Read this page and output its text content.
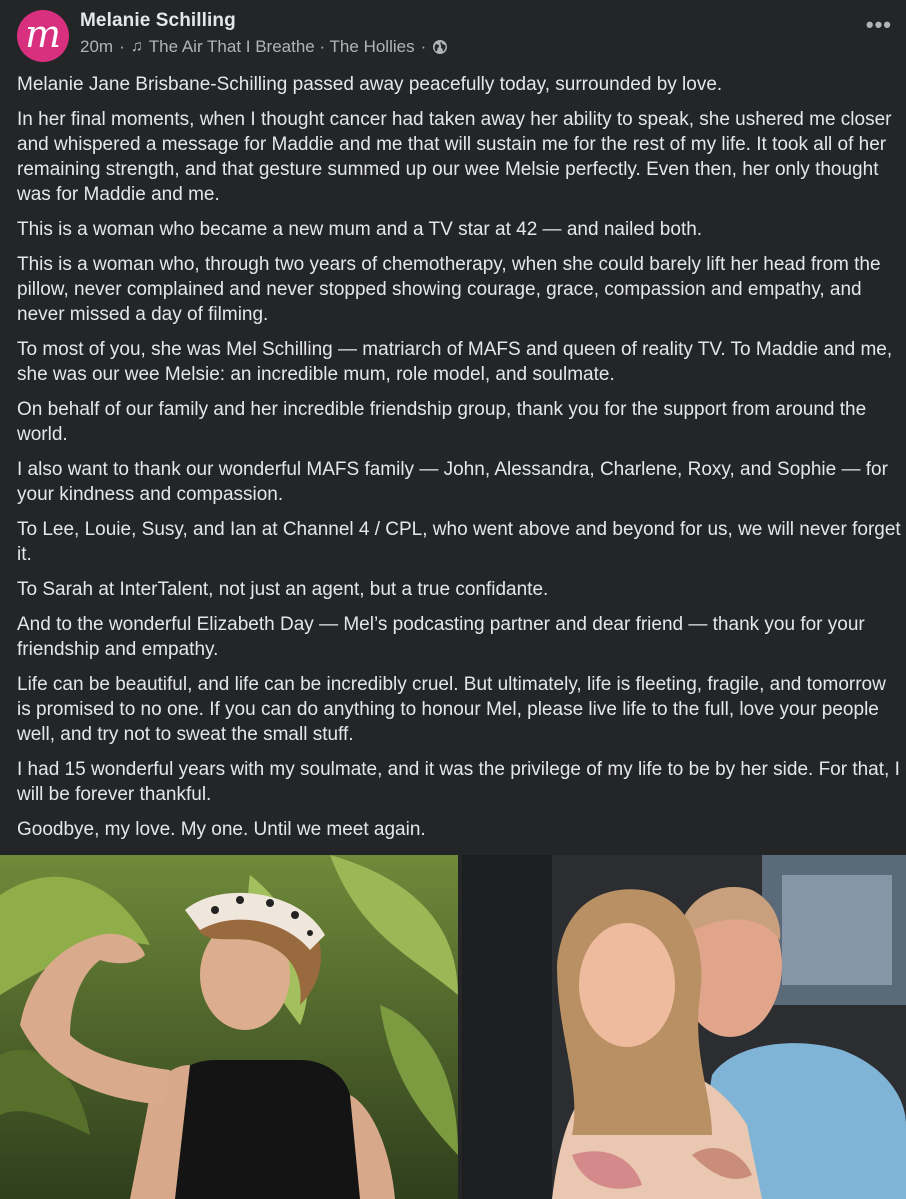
m Melanie Schilling
20m · ♫ The Air That I Breathe · The Hollies ·
•••

Melanie Jane Brisbane-Schilling passed away peacefully today, surrounded by love.

In her final moments, when I thought cancer had taken away her ability to speak, she ushered me closer and whispered a message for Maddie and me that will sustain me for the rest of my life. It took all of her remaining strength, and that gesture summed up our wee Melsie perfectly. Even then, her only thought was for Maddie and me.

This is a woman who became a new mum and a TV star at 42 — and nailed both.

This is a woman who, through two years of chemotherapy, when she could barely lift her head from the pillow, never complained and never stopped showing courage, grace, compassion and empathy, and never missed a day of filming.

To most of you, she was Mel Schilling — matriarch of MAFS and queen of reality TV. To Maddie and me, she was our wee Melsie: an incredible mum, role model, and soulmate.

On behalf of our family and her incredible friendship group, thank you for the support from around the world.

I also want to thank our wonderful MAFS family — John, Alessandra, Charlene, Roxy, and Sophie — for your kindness and compassion.

To Lee, Louie, Susy, and Ian at Channel 4 / CPL, who went above and beyond for us, we will never forget it.

To Sarah at InterTalent, not just an agent, but a true confidante.

And to the wonderful Elizabeth Day — Mel’s podcasting partner and dear friend — thank you for your friendship and empathy.

Life can be beautiful, and life can be incredibly cruel. But ultimately, life is fleeting, fragile, and tomorrow is promised to no one. If you can do anything to honour Mel, please live life to the full, love your people well, and try not to sweat the small stuff.

I had 15 wonderful years with my soulmate, and it was the privilege of my life to be by her side. For that, I will be forever thankful.

Goodbye, my love. My one. Until we meet again.
